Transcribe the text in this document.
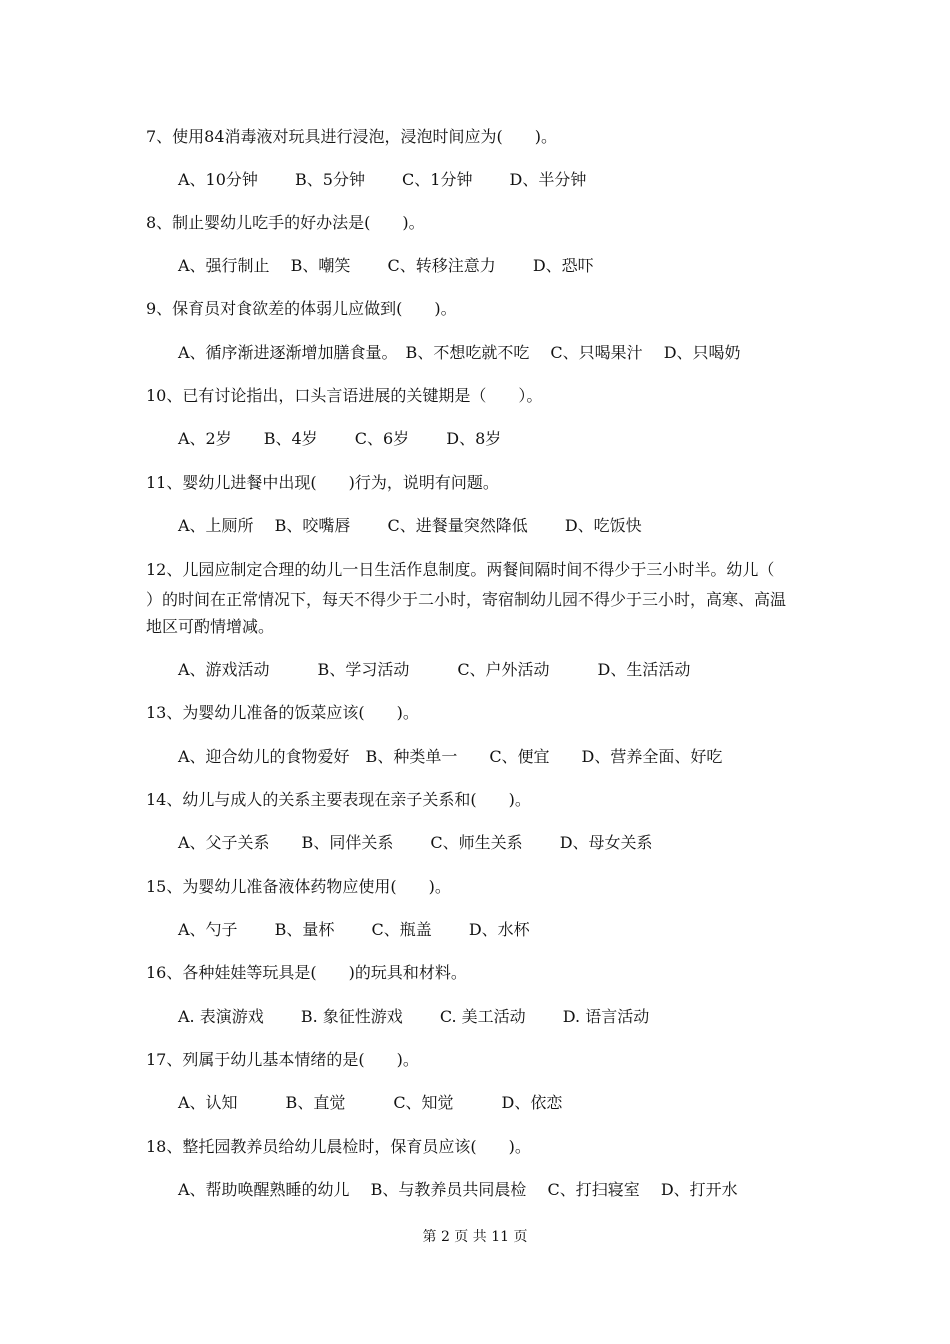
7、使用84消毒液对玩具进行浸泡，浸泡时间应为(　　)。
A、10分钟　　 B、5分钟　　 C、1分钟　　 D、半分钟
8、制止婴幼儿吃手的好办法是(　　)。
A、强行制止　 B、嘲笑　　 C、转移注意力　　 D、恐吓
9、保育员对食欲差的体弱儿应做到(　　)。
A、循序渐进逐渐增加膳食量。　B、不想吃就不吃　 C、只喝果汁　 D、只喝奶
10、已有讨论指出，口头言语进展的关键期是（　　）。
A、2岁　　B、4岁　　 C、6岁　　 D、8岁
11、婴幼儿进餐中出现(　　)行为，说明有问题。
A、上厕所　 B、咬嘴唇　　 C、进餐量突然降低　　 D、吃饭快
12、儿园应制定合理的幼儿一日生活作息制度。两餐间隔时间不得少于三小时半。幼儿（
）的时间在正常情况下，每天不得少于二小时，寄宿制幼儿园不得少于三小时，高寒、高温
地区可酌情增减。
A、游戏活动　　　B、学习活动　　　C、户外活动　　　D、生活活动
13、为婴幼儿准备的饭菜应该(　　)。
A、迎合幼儿的食物爱好　B、种类单一　　C、便宜　　D、营养全面、好吃
14、幼儿与成人的关系主要表现在亲子关系和(　　)。
A、父子关系　　B、同伴关系　　 C、师生关系　　 D、母女关系
15、为婴幼儿准备液体药物应使用(　　)。
A、勺子　　 B、量杯　　 C、瓶盖　　 D、水杯
16、各种娃娃等玩具是(　　)的玩具和材料。
A. 表演游戏　　 B. 象征性游戏　　 C. 美工活动　　 D. 语言活动
17、列属于幼儿基本情绪的是(　　)。
A、认知　　　B、直觉　　　C、知觉　　　D、依恋
18、整托园教养员给幼儿晨检时，保育员应该(　　)。
A、帮助唤醒熟睡的幼儿　 B、与教养员共同晨检　 C、打扫寝室　 D、打开水
第 2 页 共 11 页
